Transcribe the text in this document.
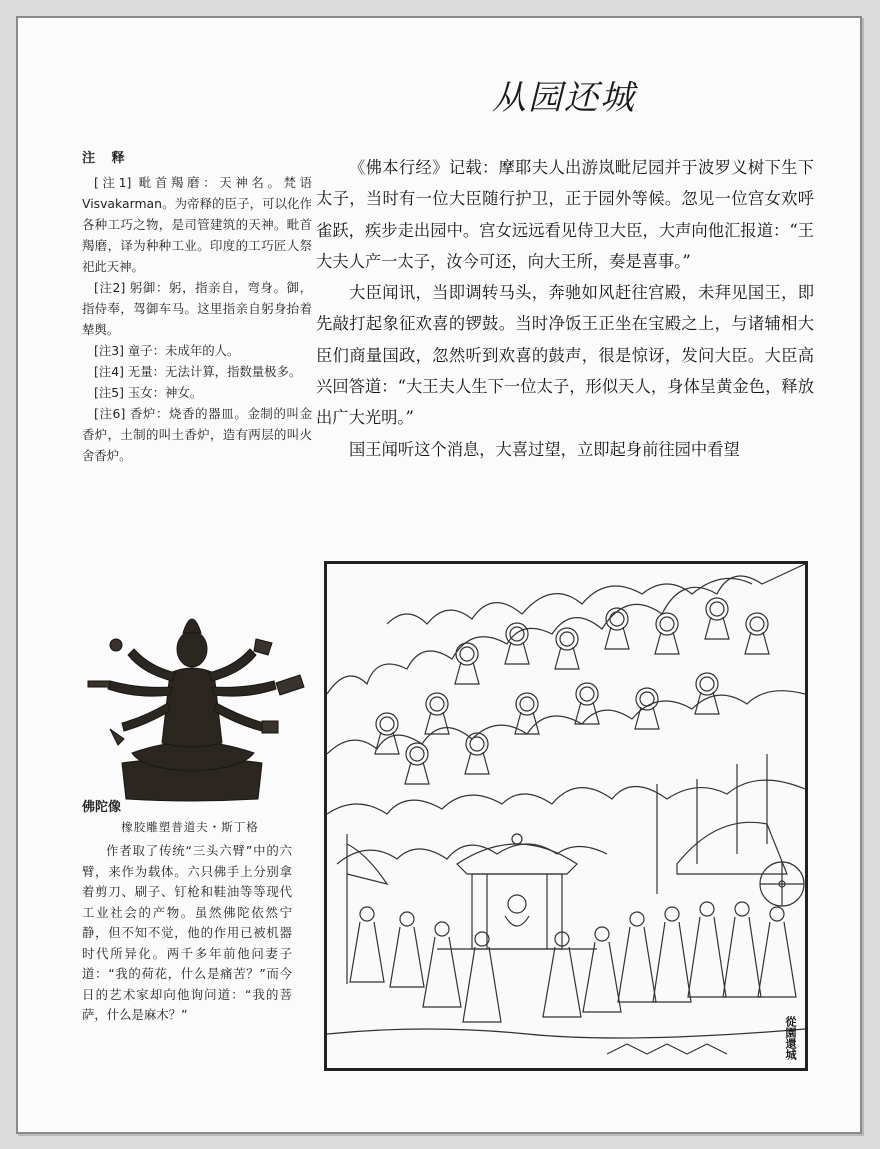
从园还城
注 释

[注1] 毗首羯磨：天神名。梵语 Visvakarman。为帝释的臣子，可以化作各种工巧之物，是司管建筑的天神。毗首羯磨，译为种种工业。印度的工巧匠人祭祀此天神。

[注2] 躬御：躬，指亲自，弯身。御，指侍奉，驾御车马。这里指亲自躬身抬着辇舆。

[注3] 童子：未成年的人。

[注4] 无量：无法计算，指数量极多。

[注5] 玉女：神女。

[注6] 香炉：烧香的器皿。金制的叫金香炉，土制的叫土香炉，造有两层的叫火舍香炉。

佛陀像

橡胶雕塑普道夫・斯丁格

作者取了传统“三头六臂”中的六臂，来作为载体。六只佛手上分别拿着剪刀、刷子、钉枪和鞋油等等现代工业社会的产物。虽然佛陀依然宁静，但不知不觉，他的作用已被机器时代所异化。两千多年前他问妻子道：“我的荷花，什么是痛苦？”而今日的艺术家却向他询问道：“我的菩萨，什么是麻木？”

《佛本行经》记载：摩耶夫人出游岚毗尼园并于波罗义树下生下太子，当时有一位大臣随行护卫，正于园外等候。忽见一位宫女欢呼雀跃，疾步走出园中。宫女远远看见侍卫大臣，大声向他汇报道：“王大夫人产一太子，汝今可还，向大王所，奏是喜事。”

大臣闻讯，当即调转马头，奔驰如风赶往宫殿，未拜见国王，即先敲打起象征欢喜的锣鼓。当时净饭王正坐在宝殿之上，与诸辅相大臣们商量国政，忽然听到欢喜的鼓声，很是惊讶，发问大臣。大臣高兴回答道：“大王夫人生下一位太子，形似天人，身体呈黄金色，释放出广大光明。”

国王闻听这个消息，大喜过望，立即起身前往园中看望

從園還城
